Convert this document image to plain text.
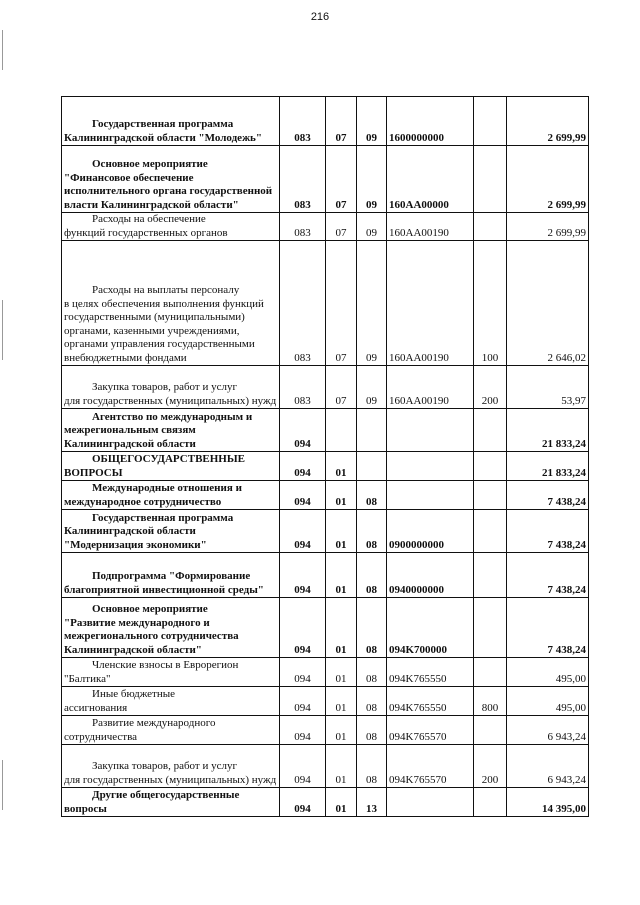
216
Государственная программа
Калининградской области "Молодежь"	083	07	09	1600000000		2 699,99
Основное мероприятие
"Финансовое обеспечение исполнительного органа государственной власти Калининградской области"	083	07	09	160АА00000		2 699,99
Расходы на обеспечение
функций государственных органов	083	07	09	160АА00190		2 699,99
Расходы на выплаты персоналу
в целях обеспечения выполнения функций государственными (муниципальными) органами, казенными учреждениями, органами управления государственными внебюджетными фондами	083	07	09	160АА00190	100	2 646,02
Закупка товаров, работ и услуг
для государственных (муниципальных) нужд	083	07	09	160АА00190	200	53,97
Агентство по международным и
межрегиональным связям Калининградской области	094					21 833,24
ОБЩЕГОСУДАРСТВЕННЫЕ
ВОПРОСЫ	094	01				21 833,24
Международные отношения и
международное сотрудничество	094	01	08			7 438,24
Государственная программа
Калининградской области "Модернизация экономики"	094	01	08	0900000000		7 438,24
Подпрограмма "Формирование
благоприятной инвестиционной среды"	094	01	08	0940000000		7 438,24
Основное мероприятие
"Развитие международного и межрегионального сотрудничества Калининградской области"	094	01	08	094K700000		7 438,24
Членские взносы в Еврорегион
"Балтика"	094	01	08	094K765550		495,00
Иные бюджетные
ассигнования	094	01	08	094K765550	800	495,00
Развитие международного
сотрудничества	094	01	08	094K765570		6 943,24
Закупка товаров, работ и услуг
для государственных (муниципальных) нужд	094	01	08	094K765570	200	6 943,24
Другие общегосударственные
вопросы	094	01	13			14 395,00
